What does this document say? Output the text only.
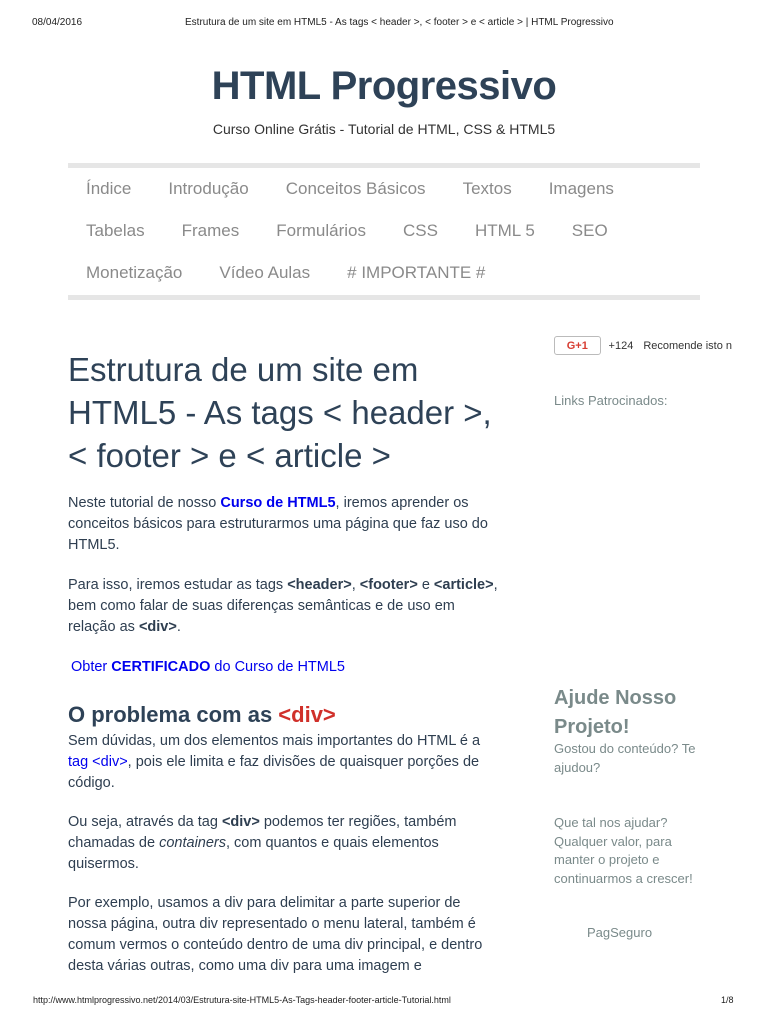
08/04/2016	Estrutura de um site em HTML5 - As tags < header >, < footer > e < article > | HTML Progressivo
HTML Progressivo
Curso Online Grátis - Tutorial de HTML, CSS & HTML5
Índice Introdução Conceitos Básicos Textos Imagens
Tabelas Frames Formulários CSS HTML 5 SEO
Monetização Vídeo Aulas # IMPORTANTE #
G+1	+124 Recomende isto n
Links Patrocinados:
Estrutura de um site em HTML5 - As tags < header >, < footer > e < article >
Neste tutorial de nosso Curso de HTML5, iremos aprender os conceitos básicos para estruturarmos uma página que faz uso do HTML5.
Para isso, iremos estudar as tags <header>, <footer> e <article>, bem como falar de suas diferenças semânticas e de uso em relação as <div>.
Obter CERTIFICADO do Curso de HTML5
O problema com as <div>
Sem dúvidas, um dos elementos mais importantes do HTML é a tag <div>, pois ele limita e faz divisões de quaisquer porções de código.
Ou seja, através da tag <div> podemos ter regiões, também chamadas de containers, com quantos e quais elementos quisermos.
Por exemplo, usamos a div para delimitar a parte superior de nossa página, outra div representado o menu lateral, também é comum vermos o conteúdo dentro de uma div principal, e dentro desta várias outras, como uma div para uma imagem e
Ajude Nosso Projeto!
Gostou do conteúdo? Te ajudou?
Que tal nos ajudar? Qualquer valor, para manter o projeto e continuarmos a crescer!
PagSeguro
http://www.htmlprogressivo.net/2014/03/Estrutura-site-HTML5-As-Tags-header-footer-article-Tutorial.html	1/8
